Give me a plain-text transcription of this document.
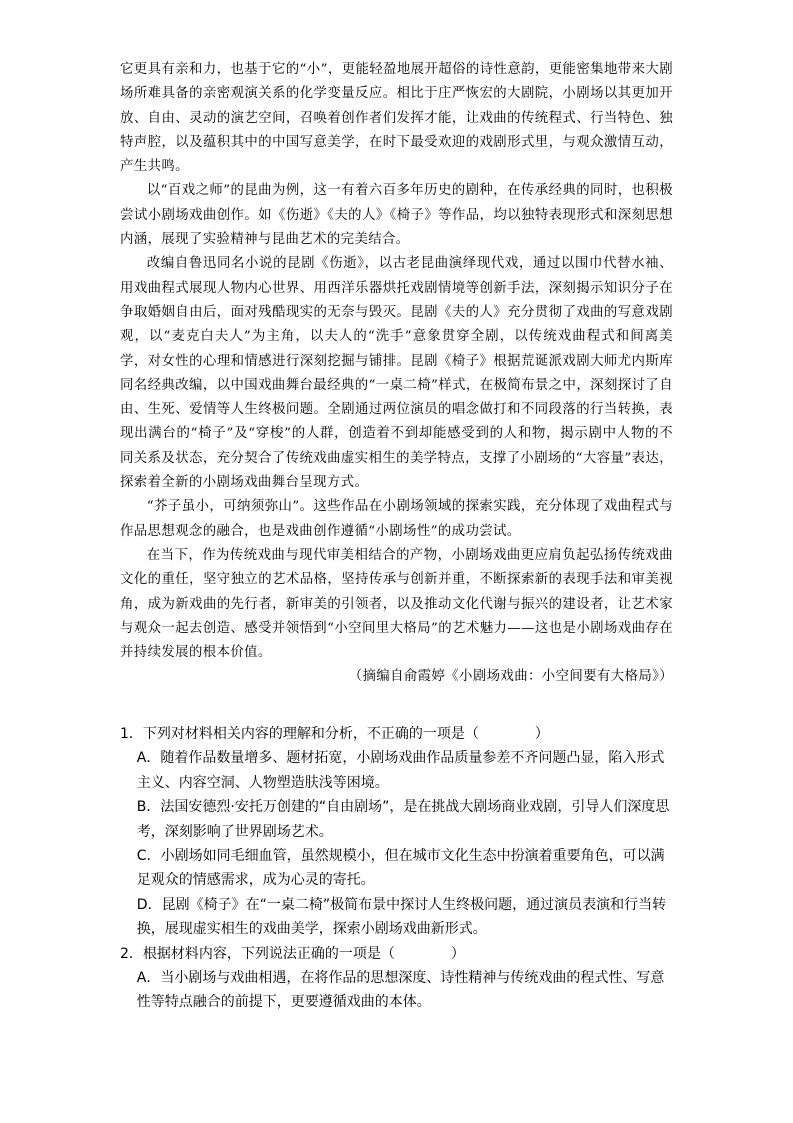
它更具有亲和力，也基于它的“小”，更能轻盈地展开超俗的诗性意韵，更能密集地带来大剧场所难具备的亲密观演关系的化学变量反应。相比于庄严恢宏的大剧院，小剧场以其更加开放、自由、灵动的演艺空间，召唤着创作者们发挥才能，让戏曲的传统程式、行当特色、独特声腔，以及蕴积其中的中国写意美学，在时下最受欢迎的戏剧形式里，与观众激情互动，产生共鸣。

以“百戏之师”的昆曲为例，这一有着六百多年历史的剧种，在传承经典的同时，也积极尝试小剧场戏曲创作。如《伤逝》《夫的人》《椅子》等作品，均以独特表现形式和深刻思想内涵，展现了实验精神与昆曲艺术的完美结合。

改编自鲁迅同名小说的昆剧《伤逝》，以古老昆曲演绎现代戏，通过以围巾代替水袖、用戏曲程式展现人物内心世界、用西洋乐器烘托戏剧情境等创新手法，深刻揭示知识分子在争取婚姻自由后，面对残酷现实的无奈与毁灭。昆剧《夫的人》充分贯彻了戏曲的写意戏剧观，以“麦克白夫人”为主角，以夫人的“洗手”意象贯穿全剧，以传统戏曲程式和间离美学，对女性的心理和情感进行深刻挖掘与铺排。昆剧《椅子》根据荒诞派戏剧大师尤内斯库同名经典改编，以中国戏曲舞台最经典的“一桌二椅”样式，在极简布景之中，深刻探讨了自由、生死、爱情等人生终极问题。全剧通过两位演员的唱念做打和不同段落的行当转换，表现出满台的“椅子”及“穿梭”的人群，创造着不到却能感受到的人和物，揭示剧中人物的不同关系及状态，充分契合了传统戏曲虚实相生的美学特点，支撑了小剧场的“大容量”表达，探索着全新的小剧场戏曲舞台呈现方式。

“芥子虽小，可纳须弥山”。这些作品在小剧场领域的探索实践，充分体现了戏曲程式与作品思想观念的融合，也是戏曲创作遵循“小剧场性”的成功尝试。

在当下，作为传统戏曲与现代审美相结合的产物，小剧场戏曲更应肩负起弘扬传统戏曲文化的重任，坚守独立的艺术品格，坚持传承与创新并重，不断探索新的表现手法和审美视角，成为新戏曲的先行者，新审美的引领者，以及推动文化代谢与振兴的建设者，让艺术家与观众一起去创造、感受并领悟到“小空间里大格局”的艺术魅力——这也是小剧场戏曲存在并持续发展的根本价值。

（摘编自俞霞婷《小剧场戏曲：小空间要有大格局》）

1．下列对材料相关内容的理解和分析，不正确的一项是（　　　　）

A．随着作品数量增多、题材拓宽，小剧场戏曲作品质量参差不齐问题凸显，陷入形式主义、内容空洞、人物塑造肤浅等困境。

B．法国安德烈·安托万创建的“自由剧场”，是在挑战大剧场商业戏剧，引导人们深度思考，深刻影响了世界剧场艺术。

C．小剧场如同毛细血管，虽然规模小，但在城市文化生态中扮演着重要角色，可以满足观众的情感需求，成为心灵的寄托。

D．昆剧《椅子》在“一桌二椅”极简布景中探讨人生终极问题，通过演员表演和行当转换，展现虚实相生的戏曲美学，探索小剧场戏曲新形式。

2．根据材料内容，下列说法正确的一项是（　　　　）

A．当小剧场与戏曲相遇，在将作品的思想深度、诗性精神与传统戏曲的程式性、写意性等特点融合的前提下，更要遵循戏曲的本体。
